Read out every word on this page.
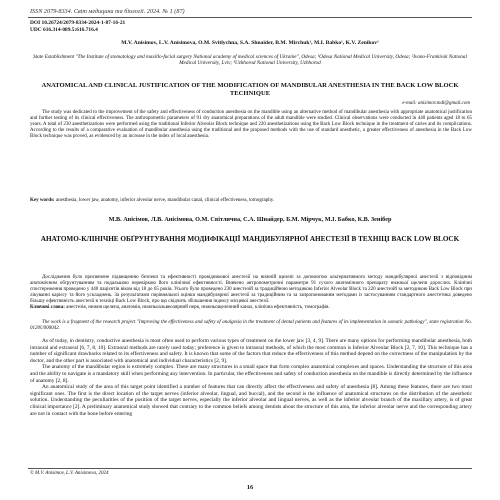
ISSN 2079-8334. Світ медицини та біології. 2024. № 1 (87)
DOI 10.26724/2079-8334-2024-1-87-16-21
UDC 616.314-089.5:616.716.4
M.V. Anisimov, L.V. Anisimova, O.M. Svitlychna, S.A. Shnaider, B.M. Mirchuk¹, M.I. Babko¹, K.V. Zenikov¹
State Establishment "The Institute of stomatology and maxillo-facial surgery National academy of medical sciences of Ukraine", Odesa; ¹Odesa National Medical University, Odesa; ²Ivano-Frankivsk National Medical University, Lviv; ³Uzhhorod National University, Uzhhorod
ANATOMICAL AND CLINICAL JUSTIFICATION OF THE MODIFICATION OF MANDIBULAR ANESTHESIA IN THE BACK LOW BLOCK TECHNIQUE
e-mail: anisimov.mdl@gmail.com
The study was dedicated to the improvement of the safety and effectiveness of conduction anesthesia on the mandible using an alternative method of mandibular anesthesia with appropriate anatomical justification and further testing of its clinical effectiveness. The anthropometric parameters of 91 dry anatomical preparations of the adult mandible were studied. Clinical observations were conducted in 440 patients aged 18 to 65 years. A total of 230 anesthetizations were performed using the traditional Inferior Alveolar Block technique and 220 anesthetizations using the Back Low Block technique in the treatment of caries and its complications. According to the results of a comparative evaluation of mandibular anesthesia using the traditional and the proposed methods with the use of standard anesthetic, a greater effectiveness of anesthesia in the Back Low Block technique was proved, as evidenced by an increase in the index of local anesthesia.
Key words: anesthesia, lower jaw, anatomy, inferior alveolar nerve, mandibular canal, clinical effectiveness, tomography.
М.В. Анісімов, Л.В. Анісімова, О.М. Світлична, С.А. Шнайдер, Б.М. Мірчук, М.І. Бабко, К.В. Зенібер
АНАТОМО-КЛІНІЧНЕ ОБҐРУНТУВАННЯ МОДИФІКАЦІЇ МАНДИБУЛЯРНОЇ АНЕСТЕЗІЇ В ТЕХНІЦІ BACK LOW BLOCK
Дослідження було присвячене підвищенню безпеки та ефективності провідникової анестезії на нижній щелепі за допомогою альтернативного методу мандибулярної анестезії з відповідним анатомічним обґрунтуванням та подальшою перевіркою його клінічної ефективності. Вивчено антропометричні параметри 91 сухого анатомічного препарату нижньої щелепи дорослих. Клінічні спостереження проведено у 440 пацієнтів віком від 18 до 65 років. Усього було проведено 230 анестезій за традиційною методикою Inferior Alveolar Block та 220 анестезій за методикою Back Low Block при лікуванні карієсу та його ускладнень. За результатами порівняльної оцінки мандибулярної анестезії за традиційним та за запропонованим методами із застосуванням стандартного анестетика доведено більшу ефективність анестезії в техніці Back Low Block, про що свідчить збільшення індексу місцевої анестезії.
Ключові слова: анестезія, нижня щелепа, анатомія, нижньоальвеолярний нерв, нижньощелепний канал, клінічна ефективність, томографія.
The work is a fragment of the research project "Improving the effectiveness and safety of analgesia in the treatment of dental patients and features of its implementation in somatic pathology", state registration No. 0120U000042.

As of today, in dentistry, conductive anesthesia is most often used to perform various types of treatment on the lower jaw [3, 4, 9]. There are many options for performing mandibular anesthesia, both intraoral and extraoral [6, 7, 8, 10]. Extraoral methods are rarely used today; preference is given to intraoral methods, of which the most common is Inferior Alveolar Block [2, 7, 10]. This technique has a number of significant drawbacks related to its effectiveness and safety. It is known that some of the factors that reduce the effectiveness of this method depend on the correctness of the manipulation by the doctor, and the other part is associated with anatomical and individual characteristics [2, 9].

The anatomy of the mandibular region is extremely complex. There are many structures in a small space that form complex anatomical complexes and spaces. Understanding the structure of this area and the ability to navigate is a mandatory skill when performing any intervention. In particular, the effectiveness and safety of conduction anesthesia on the mandible is directly determined by the influence of anatomy [2, 8].

An anatomical study of the area of this target point identified a number of features that can directly affect the effectiveness and safety of anesthesia [8]. Among these features, there are two most significant ones. The first is the direct location of the target nerves (inferior alveolar, lingual, and buccal), and the second is the influence of anatomical structures on the distribution of the anesthetic solution. Understanding the peculiarities of the position of the target nerves, especially the inferior alveolar and lingual nerves, as well as the inferior alveolar branch of the maxillary artery, is of great clinical importance [2]. A preliminary anatomical study showed that contrary to the common beliefs among dentists about the structure of this area, the inferior alveolar nerve and the corresponding artery are not in contact with the bone before entering

© M.V. Anisimov, L.V. Anisimova, 2024
16
